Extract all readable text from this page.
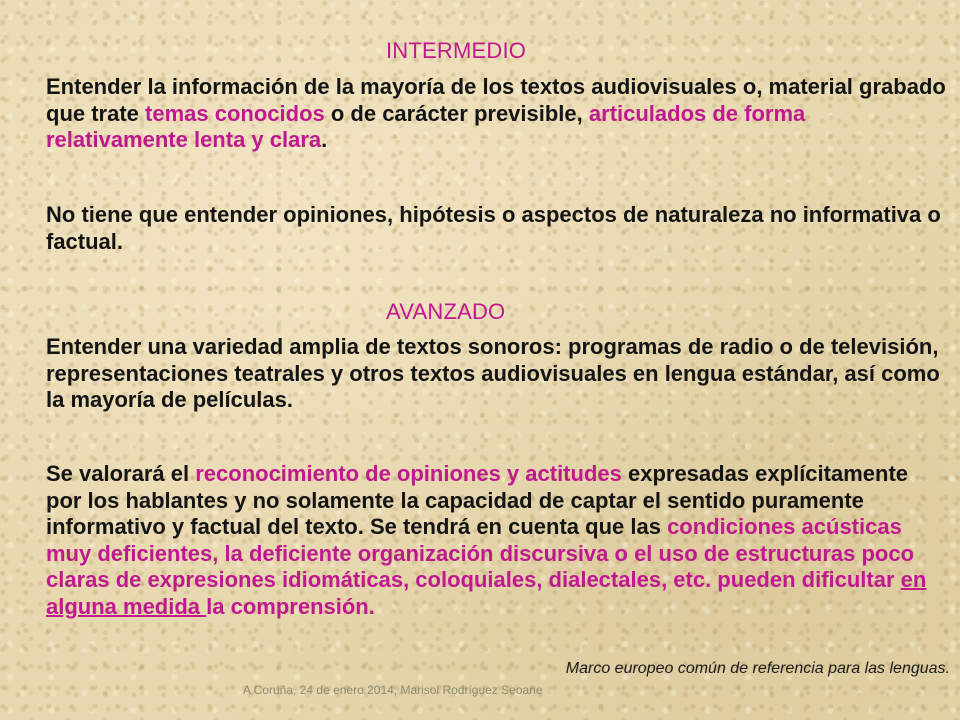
INTERMEDIO

Entender la información de la mayoría de los textos audiovisuales o, material grabado que trate temas conocidos o de carácter previsible, articulados de forma relativamente lenta y clara.

No tiene que entender opiniones, hipótesis o aspectos de naturaleza no informativa o factual.

AVANZADO

Entender una variedad amplia de textos sonoros: programas de radio o de televisión, representaciones teatrales y otros textos audiovisuales en lengua estándar, así como la mayoría de películas.

Se valorará el reconocimiento de opiniones y actitudes expresadas explícitamente por los hablantes y no solamente la capacidad de captar el sentido puramente informativo y factual del texto. Se tendrá en cuenta que las condiciones acústicas muy deficientes, la deficiente organización discursiva o el uso de estructuras poco claras de expresiones idiomáticas, coloquiales, dialectales, etc. pueden dificultar en alguna medida la comprensión.

Marco europeo común de referencia para las lenguas.
A Coruña, 24 de enero 2014, Marisol Rodríguez Seoane
